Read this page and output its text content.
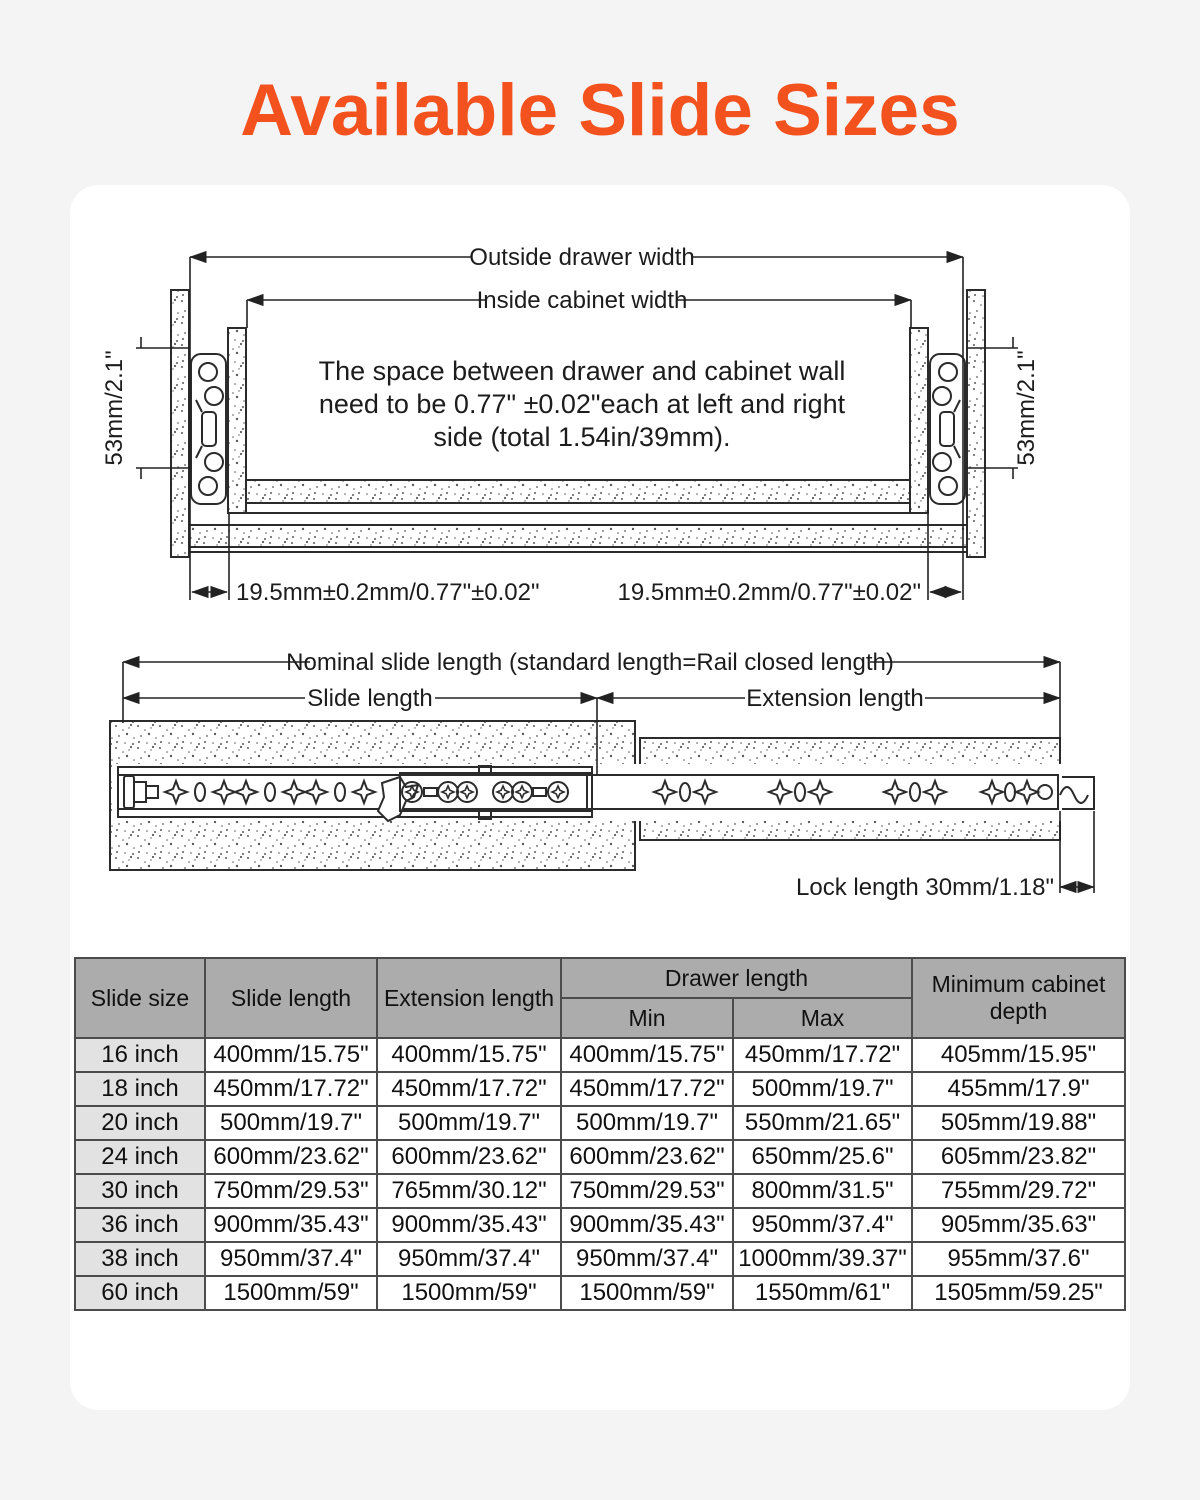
Available Slide Sizes
Outside drawer width
Inside cabinet width
The space between drawer and cabinet wall
need to be 0.77" ±0.02"each at left and right
side (total 1.54in/39mm).
53mm/2.1"	53mm/2.1"
19.5mm±0.2mm/0.77"±0.02"	19.5mm±0.2mm/0.77"±0.02"
Nominal slide length (standard length=Rail closed length)
Slide length	Extension length
Lock length 30mm/1.18"
Slide size	Slide length	Extension length	Drawer length		Minimum cabinet depth
			Min	Max	
16 inch	400mm/15.75"	400mm/15.75"	400mm/15.75"	450mm/17.72"	405mm/15.95"
18 inch	450mm/17.72"	450mm/17.72"	450mm/17.72"	500mm/19.7"	455mm/17.9"
20 inch	500mm/19.7"	500mm/19.7"	500mm/19.7"	550mm/21.65"	505mm/19.88"
24 inch	600mm/23.62"	600mm/23.62"	600mm/23.62"	650mm/25.6"	605mm/23.82"
30 inch	750mm/29.53"	765mm/30.12"	750mm/29.53"	800mm/31.5"	755mm/29.72"
36 inch	900mm/35.43"	900mm/35.43"	900mm/35.43"	950mm/37.4"	905mm/35.63"
38 inch	950mm/37.4"	950mm/37.4"	950mm/37.4"	1000mm/39.37"	955mm/37.6"
60 inch	1500mm/59"	1500mm/59"	1500mm/59"	1550mm/61"	1505mm/59.25"
